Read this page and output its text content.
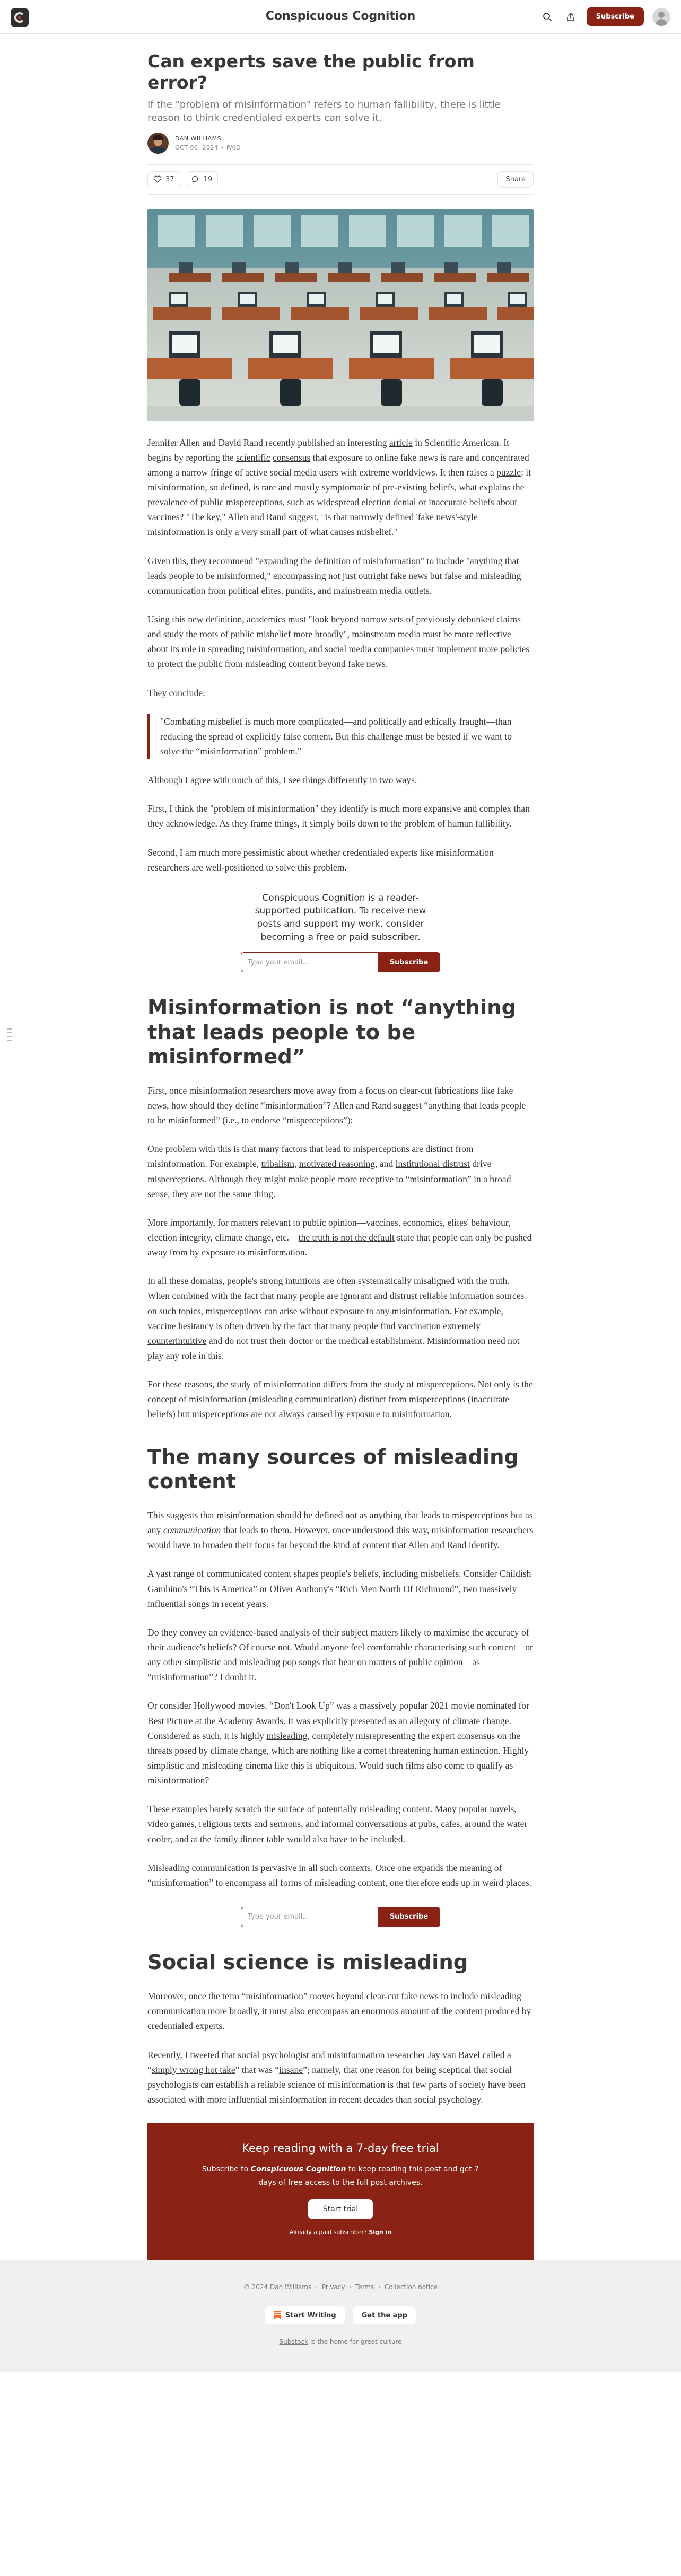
Conspicuous Cognition	Subscribe
Can experts save the public from error?
If the "problem of misinformation" refers to human fallibility, there is little reason to think credentialed experts can solve it.
DAN WILLIAMS
OCT 06, 2024 ∙ PAID
37	19	Share

Jennifer Allen and David Rand recently published an interesting article in Scientific American. It begins by reporting the scientific consensus that exposure to online fake news is rare and concentrated among a narrow fringe of active social media users with extreme worldviews. It then raises a puzzle: if misinformation, so defined, is rare and mostly symptomatic of pre-existing beliefs, what explains the prevalence of public misperceptions, such as widespread election denial or inaccurate beliefs about vaccines? "The key," Allen and Rand suggest, "is that narrowly defined 'fake news'-style misinformation is only a very small part of what causes misbelief."

Given this, they recommend "expanding the definition of misinformation" to include "anything that leads people to be misinformed," encompassing not just outright fake news but false and misleading communication from political elites, pundits, and mainstream media outlets.

Using this new definition, academics must "look beyond narrow sets of previously debunked claims and study the roots of public misbelief more broadly", mainstream media must be more reflective about its role in spreading misinformation, and social media companies must implement more policies to protect the public from misleading content beyond fake news.

They conclude:

"Combating misbelief is much more complicated—and politically and ethically fraught—than reducing the spread of explicitly false content. But this challenge must be bested if we want to solve the “misinformation” problem."

Although I agree with much of this, I see things differently in two ways.

First, I think the "problem of misinformation" they identify is much more expansive and complex than they acknowledge. As they frame things, it simply boils down to the problem of human fallibility.

Second, I am much more pessimistic about whether credentialed experts like misinformation researchers are well-positioned to solve this problem.

Conspicuous Cognition is a reader-supported publication. To receive new posts and support my work, consider becoming a free or paid subscriber.
Type your email...
Subscribe
Misinformation is not “anything that leads people to be misinformed”

First, once misinformation researchers move away from a focus on clear-cut fabrications like fake news, how should they define “misinformation”? Allen and Rand suggest “anything that leads people to be misinformed” (i.e., to endorse “misperceptions”):

One problem with this is that many factors that lead to misperceptions are distinct from misinformation. For example, tribalism, motivated reasoning, and institutional distrust drive misperceptions. Although they might make people more receptive to “misinformation” in a broad sense, they are not the same thing.

More importantly, for matters relevant to public opinion—vaccines, economics, elites' behaviour, election integrity, climate change, etc.—the truth is not the default state that people can only be pushed away from by exposure to misinformation.

In all these domains, people's strong intuitions are often systematically misaligned with the truth. When combined with the fact that many people are ignorant and distrust reliable information sources on such topics, misperceptions can arise without exposure to any misinformation. For example, vaccine hesitancy is often driven by the fact that many people find vaccination extremely counterintuitive and do not trust their doctor or the medical establishment. Misinformation need not play any role in this.

For these reasons, the study of misinformation differs from the study of misperceptions. Not only is the concept of misinformation (misleading communication) distinct from misperceptions (inaccurate beliefs) but misperceptions are not always caused by exposure to misinformation.

The many sources of misleading content

This suggests that misinformation should be defined not as anything that leads to misperceptions but as any communication that leads to them. However, once understood this way, misinformation researchers would have to broaden their focus far beyond the kind of content that Allen and Rand identify.

A vast range of communicated content shapes people's beliefs, including misbeliefs. Consider Childish Gambino's “This is America” or Oliver Anthony's “Rich Men North Of Richmond”, two massively influential songs in recent years.

Do they convey an evidence-based analysis of their subject matters likely to maximise the accuracy of their audience's beliefs? Of course not. Would anyone feel comfortable characterising such content—or any other simplistic and misleading pop songs that bear on matters of public opinion—as “misinformation”? I doubt it.

Or consider Hollywood movies. “Don't Look Up” was a massively popular 2021 movie nominated for Best Picture at the Academy Awards. It was explicitly presented as an allegory of climate change. Considered as such, it is highly misleading, completely misrepresenting the expert consensus on the threats posed by climate change, which are nothing like a comet threatening human extinction. Highly simplistic and misleading cinema like this is ubiquitous. Would such films also come to qualify as misinformation?

These examples barely scratch the surface of potentially misleading content. Many popular novels, video games, religious texts and sermons, and informal conversations at pubs, cafes, around the water cooler, and at the family dinner table would also have to be included.

Misleading communication is pervasive in all such contexts. Once one expands the meaning of “misinformation” to encompass all forms of misleading content, one therefore ends up in weird places.

Type your email...
Subscribe
Social science is misleading

Moreover, once the term “misinformation” moves beyond clear-cut fake news to include misleading communication more broadly, it must also encompass an enormous amount of the content produced by credentialed experts.

Recently, I tweeted that social psychologist and misinformation researcher Jay van Bavel called a “simply wrong hot take” that was “insane”; namely, that one reason for being sceptical that social psychologists can establish a reliable science of misinformation is that few parts of society have been associated with more influential misinformation in recent decades than social psychology.

Keep reading with a 7-day free trial
Subscribe to Conspicuous Cognition to keep reading this post and get 7 days of free access to the full post archives.
Start trial
Already a paid subscriber? Sign in
© 2024 Dan Williams ・ Privacy ・ Terms ・ Collection notice
Start Writing	Get the app
Substack is the home for great culture
